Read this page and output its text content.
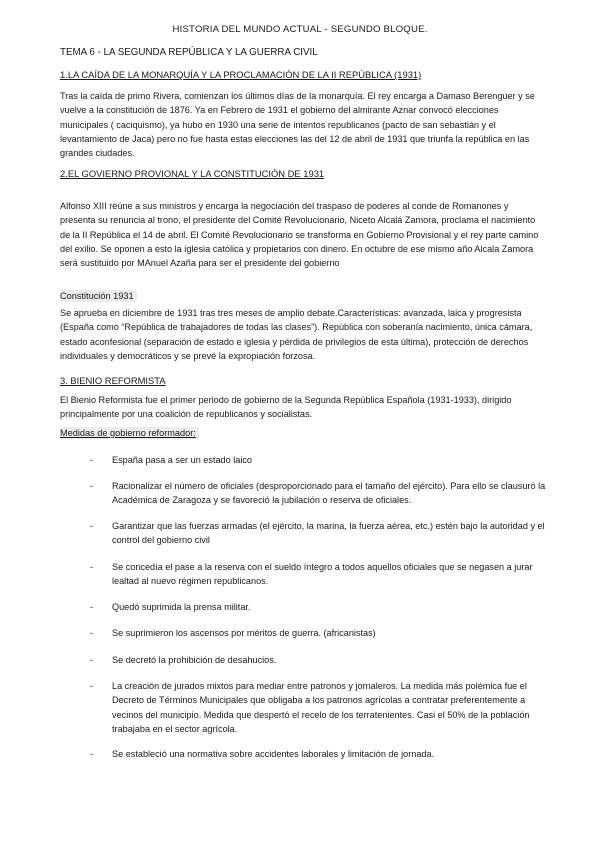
HISTORIA DEL MUNDO ACTUAL - SEGUNDO BLOQUE.
TEMA 6 - LA SEGUNDA REPÚBLICA Y LA GUERRA CIVIL
1.LA CAÍDA DE LA MONARQUÍA Y LA PROCLAMACIÓN DE LA II REPÚBLICA (1931)

Tras la caída de primo Rivera, comienzan los últimos días de la monarquía. El rey encarga a Damaso Berenguer y se vuelve a la constitución de 1876. Ya en Febrero de 1931 el gobierno del almirante Aznar convocó elecciones municipales ( caciquismo), ya hubo en 1930 una serie de intentos republicanos (pacto de san sebastián y el levantamiento de Jaca) pero no fue hasta estas elecciones las del 12 de abril de 1931 que triunfa la república en las grandes ciudades.

2.EL GOVIERNO PROVIONAL Y LA CONSTITUCIÓN DE 1931

Alfonso XIII reúne a sus ministros y encarga la negociación del traspaso de poderes al conde de Romanones y presenta su renuncia al trono, el presidente del Comité Revolucionario, Niceto Alcalá Zamora, proclama el nacimiento de la II República el 14 de abril. El Comité Revolucionario se transforma en Gobierno Provisional y el rey parte camino del exilio. Se oponen a esto la iglesia católica y propietarios con dinero. En octubre de ese mismo año Alcala Zamora será sustituido por MAnuel Azaña para ser el presidente del gobierno

Constitución 1931

Se aprueba en diciembre de 1931 tras tres meses de amplio debate.Características: avanzada, laica y progresista (España como “República de trabajadores de todas las clases”). República con soberanía nacimiento, única cámara, estado aconfesional (separación de estado e iglesia y pérdida de privilegios de esta última), protección de derechos individuales y democráticos y se prevé la expropiación forzosa.

3. BIENIO REFORMISTA

El Bienio Reformista fue el primer periodo de gobierno de la Segunda República Española (1931-1933), dirigido principalmente por una coalición de republicanos y socialistas.

Medidas de gobierno reformador:
- España pasa a ser un estado laico
- Racionalizar el número de oficiales (desproporcionado para el tamaño del ejército). Para ello se clausuró la Académica de Zaragoza y se favoreció la jubilación o reserva de oficiales.
- Garantizar que las fuerzas armadas (el ejército, la marina, la fuerza aérea, etc.) estén bajo la autoridad y el control del gobierno civil
- Se concedía el pase a la reserva con el sueldo íntegro a todos aquellos oficiales que se negasen a jurar lealtad al nuevo régimen republicanos.
- Quedó suprimida la prensa militar.
- Se suprimieron los ascensos por méritos de guerra. (africanistas)
- Se decretó la prohibición de desahucios.
- La creación de jurados mixtos para mediar entre patronos y jornaleros. La medida más polémica fue el Decreto de Términos Municipales que obligaba a los patronos agrícolas a contratar preferentemente a vecinos del municipio. Medida que despertó el recelo de los terratenientes. Casi el 50% de la población trabajaba en el sector agrícola.
- Se estableció una normativa sobre accidentes laborales y limitación de jornada.
